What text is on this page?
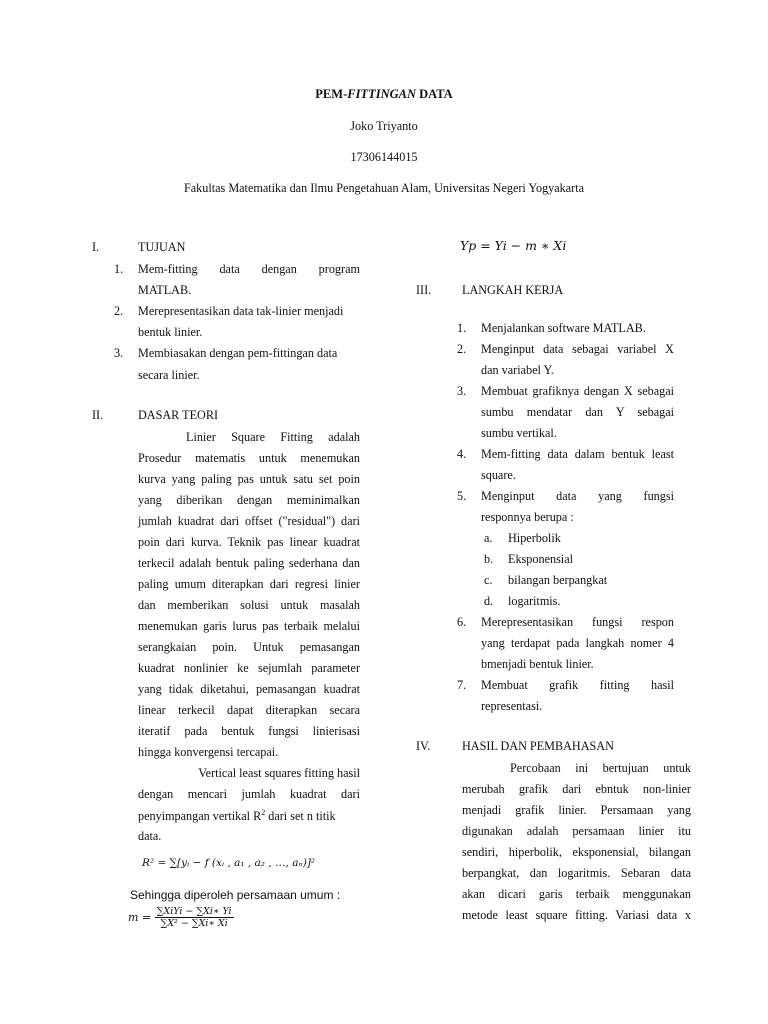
PEM-FITTINGAN DATA
Joko Triyanto
17306144015
Fakultas Matematika dan Ilmu Pengetahuan Alam, Universitas Negeri Yogyakarta
I.	TUJUAN
1. Mem-fitting data dengan program
MATLAB.
2. Merepresentasikan data tak-linier menjadi
bentuk linier.
3. Membiasakan dengan pem-fittingan data
secara linier.
II.	DASAR TEORI
Linier Square Fitting adalah
Prosedur matematis untuk menemukan
kurva yang paling pas untuk satu set poin
yang diberikan dengan meminimalkan
jumlah kuadrat dari offset ("residual") dari
poin dari kurva. Teknik pas linear kuadrat
terkecil adalah bentuk paling sederhana dan
paling umum diterapkan dari regresi linier
dan memberikan solusi untuk masalah
menemukan garis lurus pas terbaik melalui
serangkaian poin. Untuk pemasangan
kuadrat nonlinier ke sejumlah parameter
yang tidak diketahui, pemasangan kuadrat
linear terkecil dapat diterapkan secara
iteratif pada bentuk fungsi linierisasi
hingga konvergensi tercapai.
Vertical least squares fitting hasil
dengan mencari jumlah kuadrat dari
penyimpangan vertikal $R^2$ dari set n titik
data.
R² = ∑[yᵢ − f (xᵢ , a₁ , a₂ , …, aₙ)]²
Sehingga diperoleh persamaan umum :
$m = \frac{\text{∑XiYi − ∑Xi∗ Yi}}{\text{∑X² − ∑Xi∗ Xi}}$
Yp = Yi − m ∗ Xi
III.	LANGKAH KERJA
1. Menjalankan software MATLAB.
2. Menginput data sebagai variabel X
dan variabel Y.
3. Membuat grafiknya dengan X sebagai
sumbu mendatar dan Y sebagai
sumbu vertikal.
4. Mem-fitting data dalam bentuk least
square.
5. Menginput data yang fungsi
responnya berupa :
a. Hiperbolik
b. Eksponensial
c. bilangan berpangkat
d. logaritmis.
6. Merepresentasikan fungsi respon
yang terdapat pada langkah nomer 4
bmenjadi bentuk linier.
7. Membuat grafik fitting hasil
representasi.
IV.	HASIL DAN PEMBAHASAN
Percobaan ini bertujuan untuk
merubah grafik dari ebntuk non-linier
menjadi grafik linier. Persamaan yang
digunakan adalah persamaan linier itu
sendiri, hiperbolik, eksponensial, bilangan
berpangkat, dan logaritmis. Sebaran data
akan dicari garis terbaik menggunakan
metode least square fitting. Variasi data x
